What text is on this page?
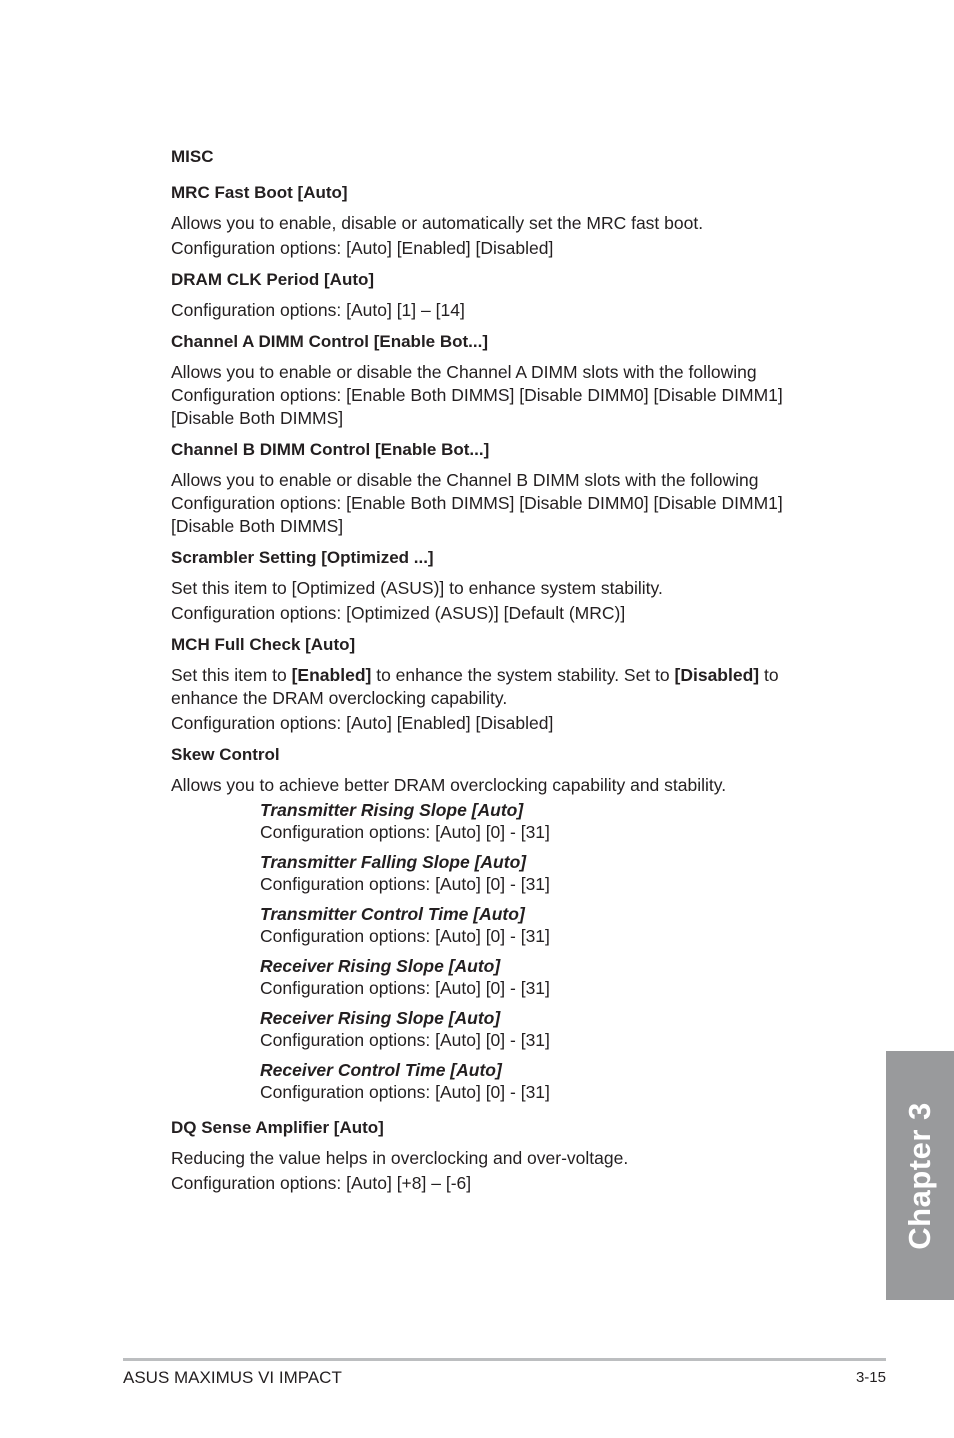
MISC
MRC Fast Boot [Auto]
Allows you to enable, disable or automatically set the MRC fast boot.
Configuration options: [Auto] [Enabled] [Disabled]
DRAM CLK Period [Auto]
Configuration options: [Auto] [1] – [14]
Channel A DIMM Control [Enable Bot...]
Allows you to enable or disable the Channel A DIMM slots with the following Configuration options: [Enable Both DIMMS] [Disable DIMM0] [Disable DIMM1] [Disable Both DIMMS]
Channel B DIMM Control [Enable Bot...]
Allows you to enable or disable the Channel B DIMM slots with the following Configuration options: [Enable Both DIMMS] [Disable DIMM0] [Disable DIMM1] [Disable Both DIMMS]
Scrambler Setting [Optimized ...]
Set this item to [Optimized (ASUS)] to enhance system stability.
Configuration options: [Optimized (ASUS)] [Default (MRC)]
MCH Full Check [Auto]
Set this item to [Enabled] to enhance the system stability. Set to [Disabled] to enhance the DRAM overclocking capability.
Configuration options: [Auto] [Enabled] [Disabled]
Skew Control
Allows you to achieve better DRAM overclocking capability and stability.
Transmitter Rising Slope [Auto]
Configuration options: [Auto] [0] - [31]
Transmitter Falling Slope [Auto]
Configuration options: [Auto] [0] - [31]
Transmitter Control Time [Auto]
Configuration options: [Auto] [0] - [31]
Receiver Rising Slope [Auto]
Configuration options: [Auto] [0] - [31]
Receiver Rising Slope [Auto]
Configuration options: [Auto] [0] - [31]
Receiver Control Time [Auto]
Configuration options: [Auto] [0] - [31]
DQ Sense Amplifier [Auto]
Reducing the value helps in overclocking and over-voltage.
Configuration options: [Auto] [+8] – [-6]	Chapter 3
ASUS MAXIMUS VI IMPACT	3-15
